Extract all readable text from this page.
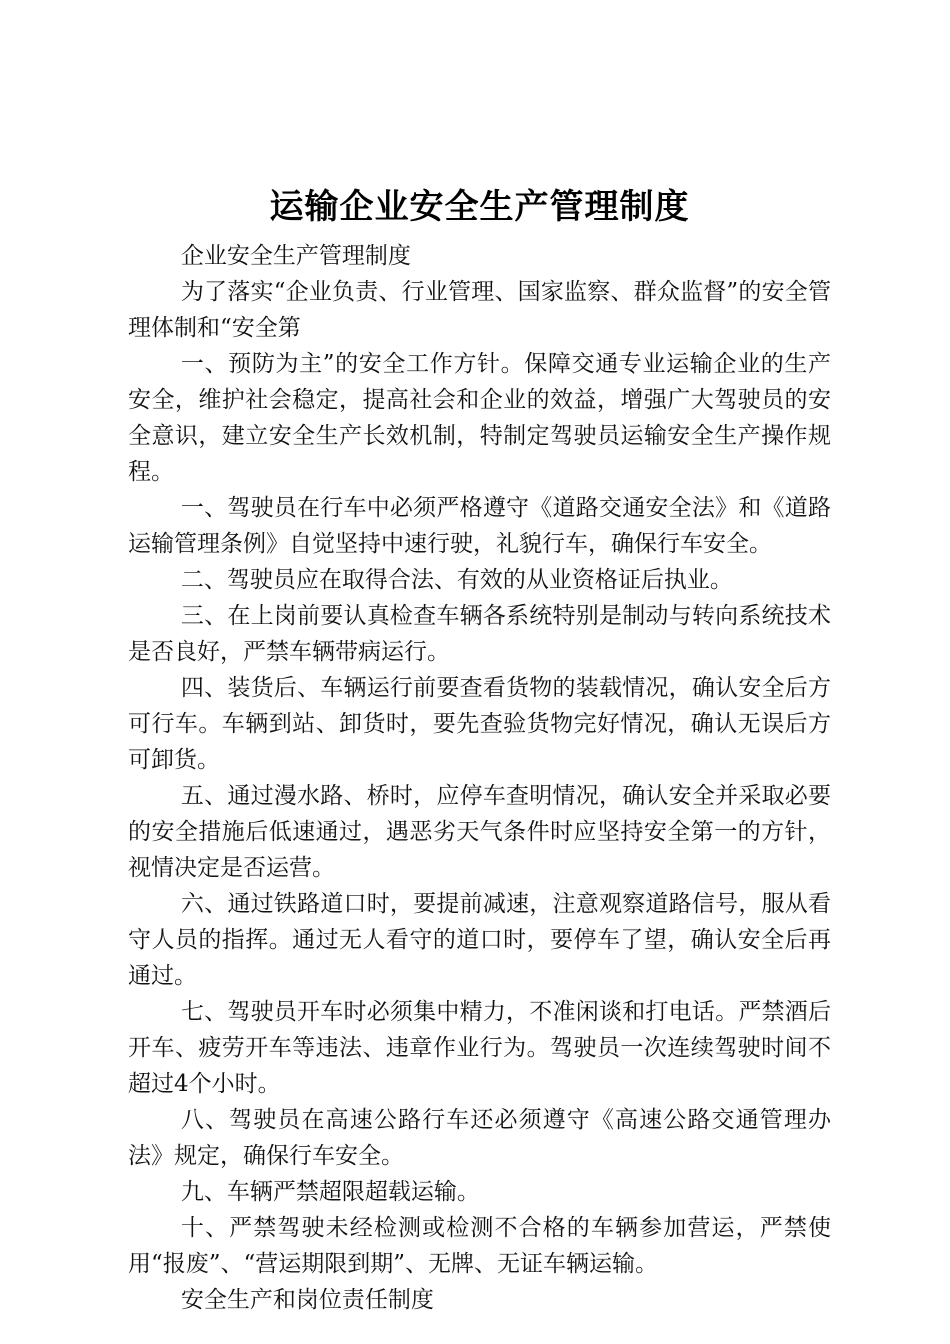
运输企业安全生产管理制度

企业安全生产管理制度

为了落实“企业负责、行业管理、国家监察、群众监督”的安全管理体制和“安全第

一、预防为主”的安全工作方针。保障交通专业运输企业的生产安全，维护社会稳定，提高社会和企业的效益，增强广大驾驶员的安全意识，建立安全生产长效机制，特制定驾驶员运输安全生产操作规程。

一、驾驶员在行车中必须严格遵守《道路交通安全法》和《道路运输管理条例》自觉坚持中速行驶，礼貌行车，确保行车安全。

二、驾驶员应在取得合法、有效的从业资格证后执业。

三、在上岗前要认真检查车辆各系统特别是制动与转向系统技术是否良好，严禁车辆带病运行。

四、装货后、车辆运行前要查看货物的装载情况，确认安全后方可行车。车辆到站、卸货时，要先查验货物完好情况，确认无误后方可卸货。

五、通过漫水路、桥时，应停车查明情况，确认安全并采取必要的安全措施后低速通过，遇恶劣天气条件时应坚持安全第一的方针，视情决定是否运营。

六、通过铁路道口时，要提前减速，注意观察道路信号，服从看守人员的指挥。通过无人看守的道口时，要停车了望，确认安全后再通过。

七、驾驶员开车时必须集中精力，不准闲谈和打电话。严禁酒后开车、疲劳开车等违法、违章作业行为。驾驶员一次连续驾驶时间不超过4个小时。

八、驾驶员在高速公路行车还必须遵守《高速公路交通管理办法》规定，确保行车安全。

九、车辆严禁超限超载运输。

十、严禁驾驶未经检测或检测不合格的车辆参加营运，严禁使用“报废”、“营运期限到期”、无牌、无证车辆运输。

安全生产和岗位责任制度
